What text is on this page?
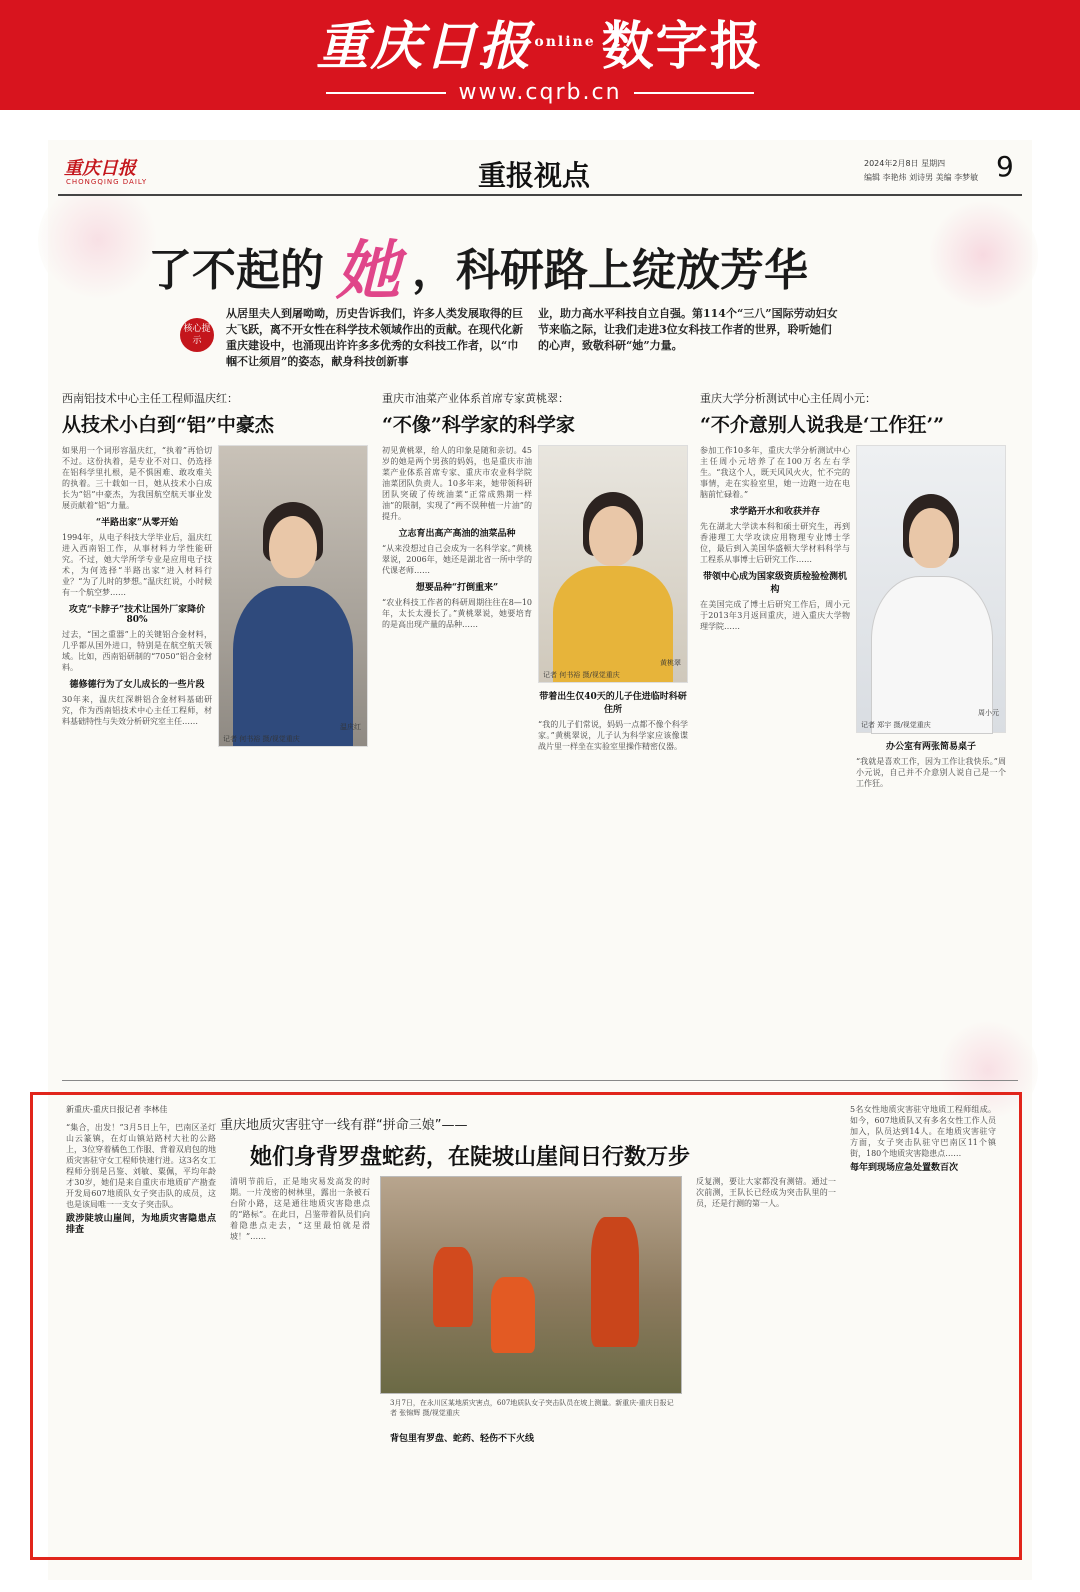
重庆日报 $^{online}$ 数字报
www.cqrb.cn
重庆日报
CHONGQING DAILY	重报视点	2024年2月8日 星期四
编辑 李艳炜 刘诗男 美编 李梦敏 9
了不起的 她 ，科研路上绽放芳华
核心提示
从居里夫人到屠呦呦，历史告诉我们，许多人类发展取得的巨大飞跃，离不开女性在科学技术领域作出的贡献。在现代化新重庆建设中，也涌现出许许多多优秀的女科技工作者，以“巾帼不让须眉”的姿态，献身科技创新事
业，助力高水平科技自立自强。第114个“三八”国际劳动妇女节来临之际，让我们走进3位女科技工作者的世界，聆听她们的心声，致敬科研“她”力量。
西南铝技术中心主任工程师温庆红：
从技术小白到“铝”中豪杰
如果用一个词形容温庆红，“执着”再恰切不过。这份执着，是专业不对口、仍选择在铝科学里扎根，是不惧困难、敢攻难关的执着。三十载如一日，她从技术小白成长为“铝”中豪杰，为我国航空航天事业发展贡献着“铝”力量。
“半路出家”从零开始
1994年，从电子科技大学毕业后，温庆红进入西南铝工作，从事材料力学性能研究。不过，她大学所学专业是应用电子技术，为何选择“半路出家”进入材料行业？“为了儿时的梦想。”温庆红说，小时候有一个航空梦……
攻克“卡脖子”技术让国外厂家降价80%
过去，“国之重器”上的关键铝合金材料，几乎都从国外进口，特别是在航空航天领域。比如，西南铝研制的“7050”铝合金材料。
德修德行为了女儿成长的一些片段
30年来，温庆红深耕铝合金材料基础研究，作为西南铝技术中心主任工程师，材料基础特性与失效分析研究室主任……
温庆红
记者 何书裕 摄/视觉重庆
重庆市油菜产业体系首席专家黄桃翠：
“不像”科学家的科学家
初见黄桃翠，给人的印象是随和亲切。45岁的她是两个男孩的妈妈，也是重庆市油菜产业体系首席专家、重庆市农业科学院油菜团队负责人。10多年来，她带领科研团队突破了传统油菜“正常成熟期一样油”的限制，实现了“两不误种植一片油”的提升。
立志育出高产高油的油菜品种
“从来没想过自己会成为一名科学家。”黄桃翠说，2006年，她还是湖北省一所中学的代课老师……
想要品种“打倒重来”
“农业科技工作者的科研周期往往在8—10年，太长太漫长了。”黄桃翠说，她要培育的是高出现产量的品种……
黄桃翠
记者 何书裕 摄/视觉重庆
带着出生仅40天的儿子住进临时科研住所
“我的儿子们常说，妈妈一点都不像个科学家。”黄桃翠说，儿子认为科学家应该像谍战片里一样坐在实验室里操作精密仪器。
重庆大学分析测试中心主任周小元：
“不介意别人说我是‘工作狂’”
参加工作10多年，重庆大学分析测试中心主任周小元培养了在100万名左右学生。“我这个人，既天风风火火，忙不完的事情，走在实验室里，她一边跑一边在电脑前忙碌着。”
求学路开水和收获并存
先在湖北大学读本科和硕士研究生，再到香港理工大学攻读应用物理专业博士学位，最后到入美国华盛顿大学材料科学与工程系从事博士后研究工作……
带领中心成为国家级资质检验检测机构
在美国完成了博士后研究工作后，周小元于2013年3月返回重庆，进入重庆大学物理学院……
周小元
记者 郑宇 摄/视觉重庆
办公室有两张简易桌子
“我就是喜欢工作，因为工作让我快乐。”周小元说，自己并不介意别人说自己是一个工作狂。
新重庆-重庆日报记者 李林佳
重庆地质灾害驻守一线有群“拼命三娘”——
她们身背罗盘蛇药，在陡坡山崖间日行数万步
“集合，出发！”3月5日上午，巴南区圣灯山云篆镇，在灯山镇站路村大社的公路上，3位穿着橘色工作服、背着双肩包的地质灾害驻守女工程师快速行进。这3名女工程师分别是吕鉴、刘敏、粟佩，平均年龄才30岁，她们是来自重庆市地质矿产勘查开发局607地质队女子突击队的成员，这也是该局唯一一支女子突击队。
跋涉陡坡山崖间，为地质灾害隐患点排查
清明节前后，正是地灾易发高发的时期。一片茂密的树林里，露出一条被石台阶小路，这是通往地质灾害隐患点的“路标”。在此日，吕鉴带着队员们向着隐患点走去，“这里最怕就是滑坡！”……
3月7日，在永川区某地质灾害点，607地质队女子突击队员在坡上测量。新重庆-重庆日报记者 张锦辉 摄/视觉重庆
背包里有罗盘、蛇药、轻伤不下火线
反复测，要让大家都没有测错。通过一次前测，王队长已经成为突击队里的一员，还是行测的第一人。
5名女性地质灾害驻守地质工程师组成。如今，607地质队又有多名女性工作人员加入，队员达到14人。在地质灾害驻守方面，女子突击队驻守巴南区11个镇街，180个地质灾害隐患点……
每年到现场应急处置数百次
